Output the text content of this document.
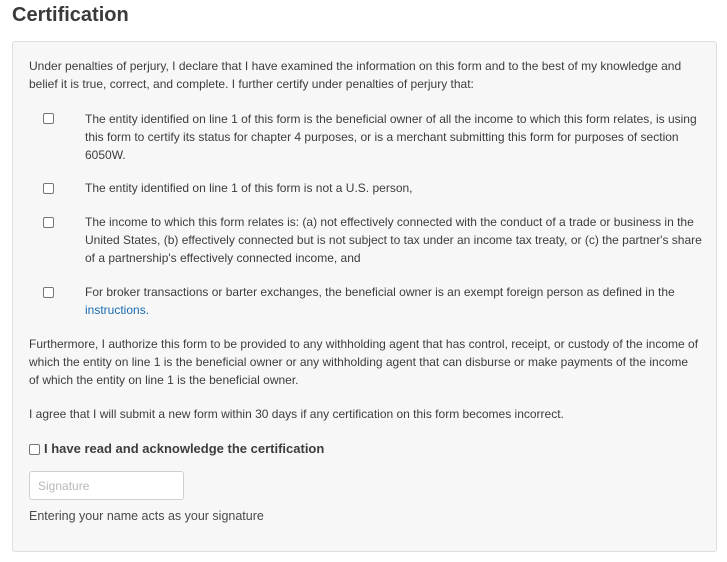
Certification

Under penalties of perjury, I declare that I have examined the information on this form and to the best of my knowledge and belief it is true, correct, and complete. I further certify under penalties of perjury that:

The entity identified on line 1 of this form is the beneficial owner of all the income to which this form relates, is using this form to certify its status for chapter 4 purposes, or is a merchant submitting this form for purposes of section 6050W.

The entity identified on line 1 of this form is not a U.S. person,

The income to which this form relates is: (a) not effectively connected with the conduct of a trade or business in the United States, (b) effectively connected but is not subject to tax under an income tax treaty, or (c) the partner's share of a partnership's effectively connected income, and

For broker transactions or barter exchanges, the beneficial owner is an exempt foreign person as defined in the
instructions.

Furthermore, I authorize this form to be provided to any withholding agent that has control, receipt, or custody of the income of which the entity on line 1 is the beneficial owner or any withholding agent that can disburse or make payments of the income of which the entity on line 1 is the beneficial owner.

I agree that I will submit a new form within 30 days if any certification on this form becomes incorrect.

I have read and acknowledge the certification
Signature

Entering your name acts as your signature
